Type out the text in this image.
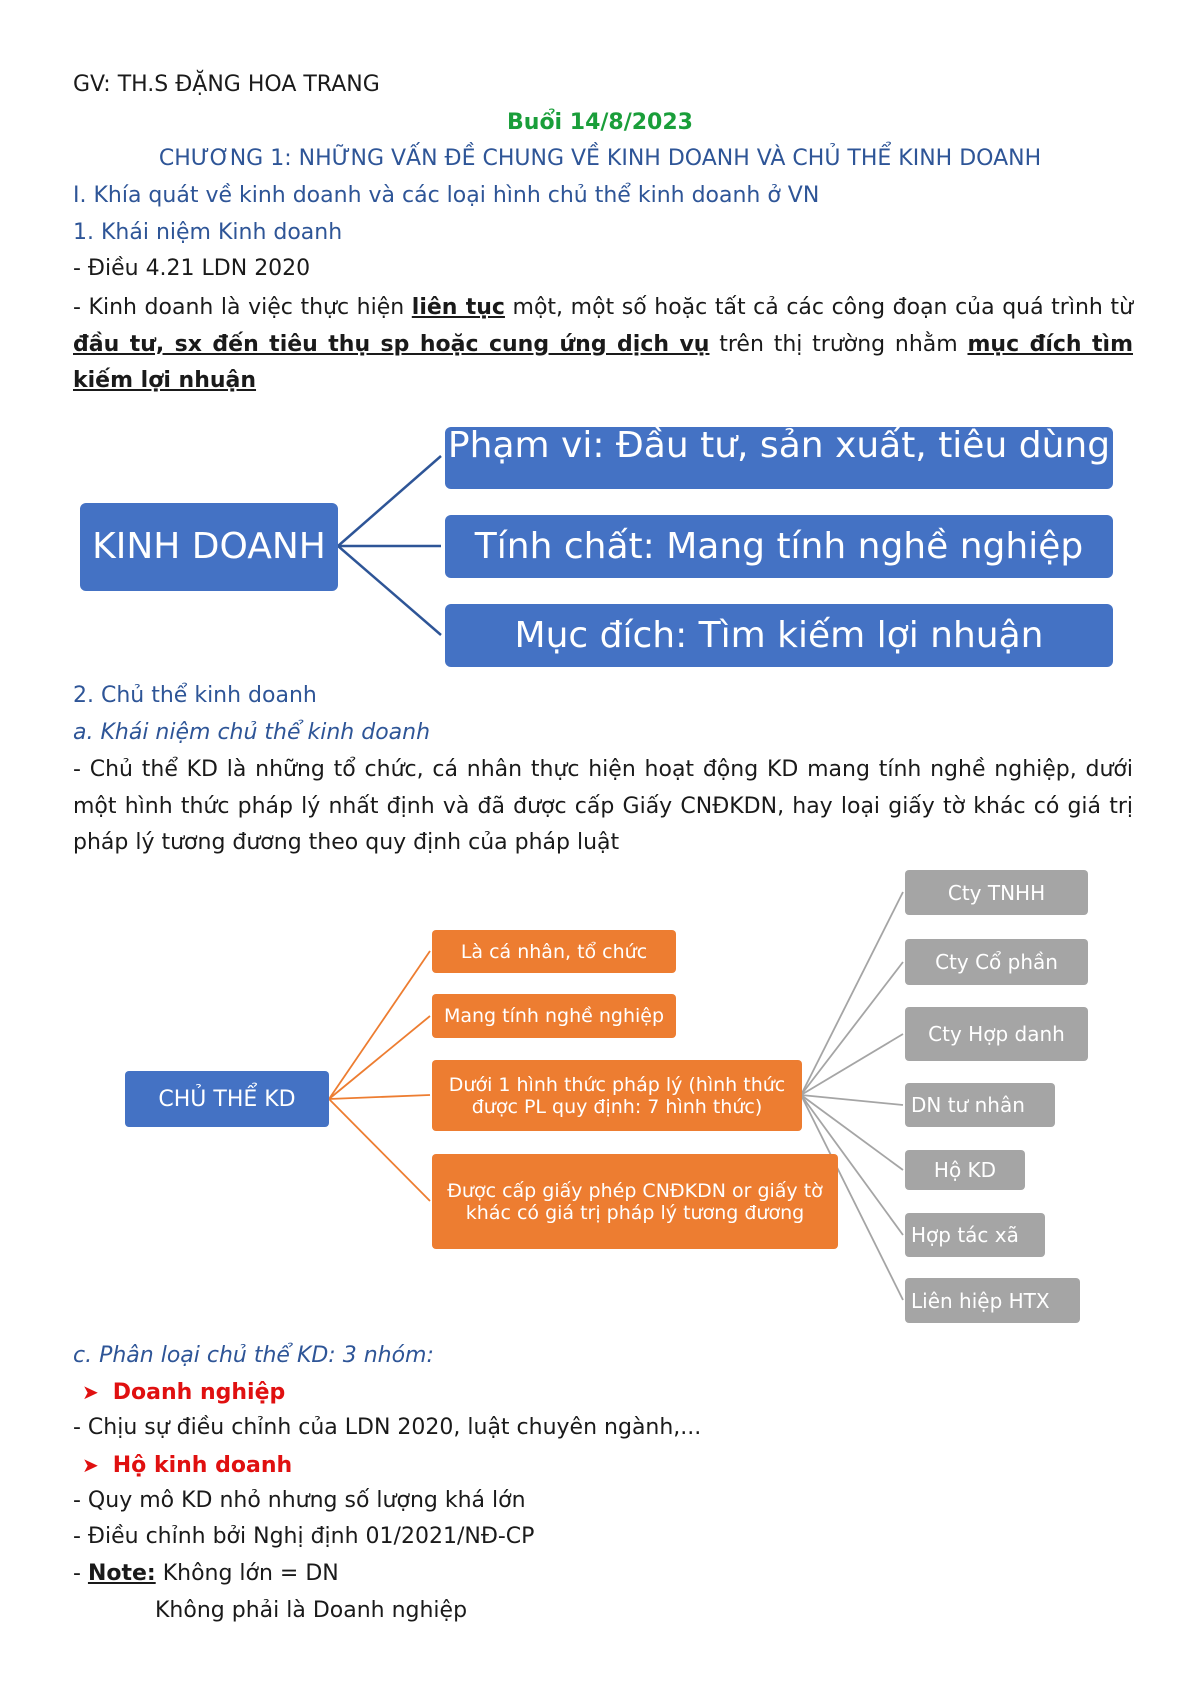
GV: TH.S ĐẶNG HOA TRANG
Buổi 14/8/2023
CHƯƠNG 1: NHỮNG VẤN ĐỀ CHUNG VỀ KINH DOANH VÀ CHỦ THỂ KINH DOANH
I. Khía quát về kinh doanh và các loại hình chủ thể kinh doanh ở VN
1. Khái niệm Kinh doanh
- Điều 4.21 LDN 2020
- Kinh doanh là việc thực hiện liên tục một, một số hoặc tất cả các công đoạn của quá trình từ đầu tư, sx đến tiêu thụ sp hoặc cung ứng dịch vụ trên thị trường nhằm mục đích tìm kiếm lợi nhuận
KINH DOANH
Phạm vi: Đầu tư, sản xuất, tiêu dùng
Tính chất: Mang tính nghề nghiệp
Mục đích: Tìm kiếm lợi nhuận
2. Chủ thể kinh doanh
a. Khái niệm chủ thể kinh doanh
- Chủ thể KD là những tổ chức, cá nhân thực hiện hoạt động KD mang tính nghề nghiệp, dưới một hình thức pháp lý nhất định và đã được cấp Giấy CNĐKDN, hay loại giấy tờ khác có giá trị pháp lý tương đương theo quy định của pháp luật
CHỦ THỂ KD
Là cá nhân, tổ chức
Mang tính nghề nghiệp
Dưới 1 hình thức pháp lý (hình thức được PL quy định: 7 hình thức)
Được cấp giấy phép CNĐKDN or giấy tờ khác có giá trị pháp lý tương đương
Cty TNHH
Cty Cổ phần
Cty Hợp danh
DN tư nhân
Hộ KD
Hợp tác xã
Liên hiệp HTX
c. Phân loại chủ thể KD: 3 nhóm:
➤ Doanh nghiệp
- Chịu sự điều chỉnh của LDN 2020, luật chuyên ngành,...
➤ Hộ kinh doanh
- Quy mô KD nhỏ nhưng số lượng khá lớn
- Điều chỉnh bởi Nghị định 01/2021/NĐ-CP
- Note: Không lớn = DN
Không phải là Doanh nghiệp
